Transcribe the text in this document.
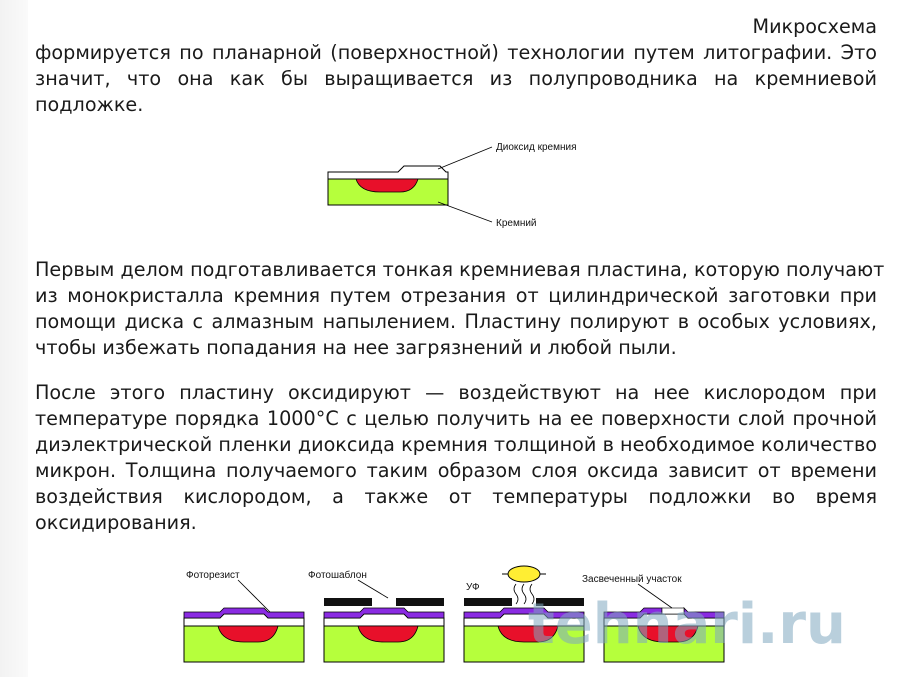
Микросхема
формируется по планарной (поверхностной) технологии путем литографии. Это
значит, что она как бы выращивается из полупроводника на кремниевой
подложке.
Диоксид кремния
Кремний
Первым делом подготавливается тонкая кремниевая пластина, которую получают
из монокристалла кремния путем отрезания от цилиндрической заготовки при
помощи диска с алмазным напылением. Пластину полируют в особых условиях,
чтобы избежать попадания на нее загрязнений и любой пыли.
После этого пластину оксидируют — воздействуют на нее кислородом при
температуре порядка 1000°С с целью получить на ее поверхности слой прочной
диэлектрической пленки диоксида кремния толщиной в необходимое количество
микрон. Толщина получаемого таким образом слоя оксида зависит от времени
воздействия кислородом, а также от температуры подложки во время
оксидирования.
Фоторезист	Фотошаблон
УФ
Засвеченный участок
tehnari.ru
